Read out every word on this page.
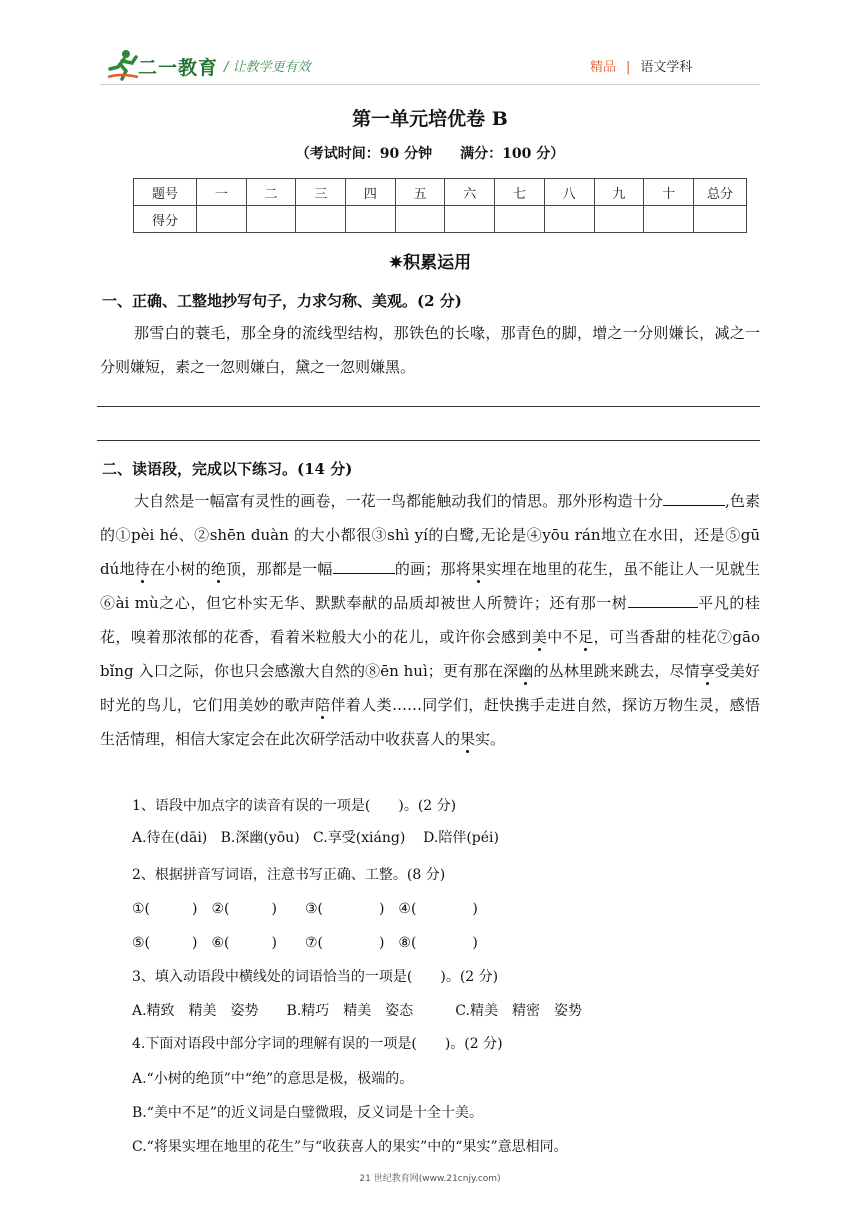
二一教育 / 让教学更有效	精品 | 语文学科
第一单元培优卷 B
（考试时间：90 分钟　　满分：100 分）
题号	一	二	三	四	五	六	七	八	九	十	总分
得分											
✷积累运用
一、正确、工整地抄写句子，力求匀称、美观。(2 分)
那雪白的蓑毛，那全身的流线型结构，那铁色的长喙，那青色的脚，增之一分则嫌长，减之一分则嫌短，素之一忽则嫌白，黛之一忽则嫌黑。
二、读语段，完成以下练习。(14 分)
大自然是一幅富有灵性的画卷，一花一鸟都能触动我们的情思。那外形构造十分	,色素的①pèi hé、②shēn duàn 的大小都很③shì yí的白鹭,无论是④yōu rán地立在水田，还是⑤gū dú地待在小树的绝顶，那都是一幅	的画；那将果实埋在地里的花生，虽不能让人一见就生⑥ài mù之心，但它朴实无华、默默奉献的品质却被世人所赞许；还有那一树	平凡的桂花，嗅着那浓郁的花香，看着米粒般大小的花儿，或许你会感到美中不足，可当香甜的桂花⑦gāo bǐng 入口之际，你也只会感激大自然的⑧ēn huì；更有那在深幽的丛林里跳来跳去，尽情享受美好时光的鸟儿，它们用美妙的歌声陪伴着人类……同学们，赶快携手走进自然，探访万物生灵，感悟生活情理，相信大家定会在此次研学活动中收获喜人的果实。
1、语段中加点字的读音有误的一项是(　　)。(2 分)
A.待在(dāi) B.深幽(yōu) C.享受(xiáng) D.陪伴(péi)
2、根据拼音写词语，注意书写正确、工整。(8 分)
①(　　　)　②(　　　)　　③(　　　　)　④(　　　　)
⑤(　　　)　⑥(　　　)　　⑦(　　　　)　⑧(　　　　)
3、填入动语段中横线处的词语恰当的一项是(　　)。(2 分)
A.精致　精美　姿势　　B.精巧　精美　姿态　　　C.精美　精密　姿势
4.下面对语段中部分字词的理解有误的一项是(　　)。(2 分)
A.“小树的绝顶”中“绝”的意思是极，极端的。
B.“美中不足”的近义词是白璧微瑕，反义词是十全十美。
C.“将果实埋在地里的花生”与“收获喜人的果实”中的“果实”意思相同。
21 世纪教育网(www.21cnjy.com)
